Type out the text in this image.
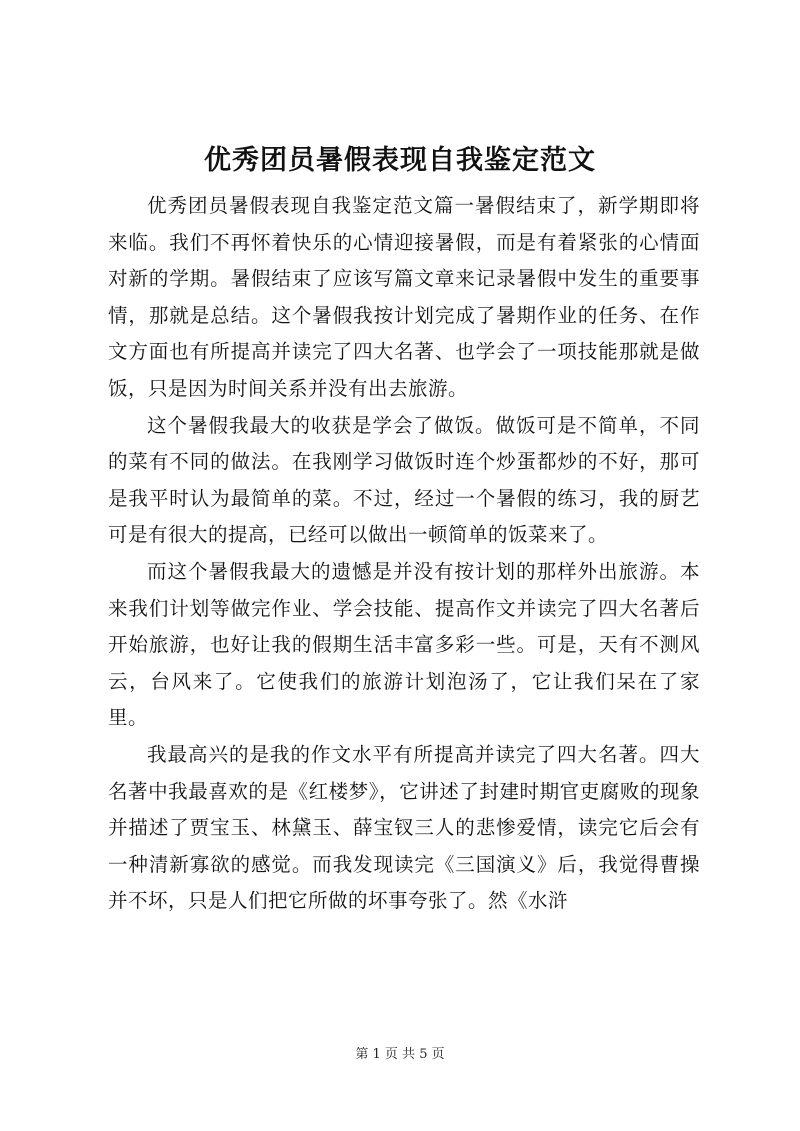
优秀团员暑假表现自我鉴定范文

优秀团员暑假表现自我鉴定范文篇一暑假结束了，新学期即将来临。我们不再怀着快乐的心情迎接暑假，而是有着紧张的心情面对新的学期。暑假结束了应该写篇文章来记录暑假中发生的重要事情，那就是总结。这个暑假我按计划完成了暑期作业的任务、在作文方面也有所提高并读完了四大名著、也学会了一项技能那就是做饭，只是因为时间关系并没有出去旅游。

这个暑假我最大的收获是学会了做饭。做饭可是不简单，不同的菜有不同的做法。在我刚学习做饭时连个炒蛋都炒的不好，那可是我平时认为最简单的菜。不过，经过一个暑假的练习，我的厨艺可是有很大的提高，已经可以做出一顿简单的饭菜来了。

而这个暑假我最大的遗憾是并没有按计划的那样外出旅游。本来我们计划等做完作业、学会技能、提高作文并读完了四大名著后开始旅游，也好让我的假期生活丰富多彩一些。可是，天有不测风云，台风来了。它使我们的旅游计划泡汤了，它让我们呆在了家里。

我最高兴的是我的作文水平有所提高并读完了四大名著。四大名著中我最喜欢的是《红楼梦》，它讲述了封建时期官吏腐败的现象并描述了贾宝玉、林黛玉、薛宝钗三人的悲惨爱情，读完它后会有一种清新寡欲的感觉。而我发现读完《三国演义》后，我觉得曹操并不坏，只是人们把它所做的坏事夸张了。然《水浒

第 1 页 共 5 页
